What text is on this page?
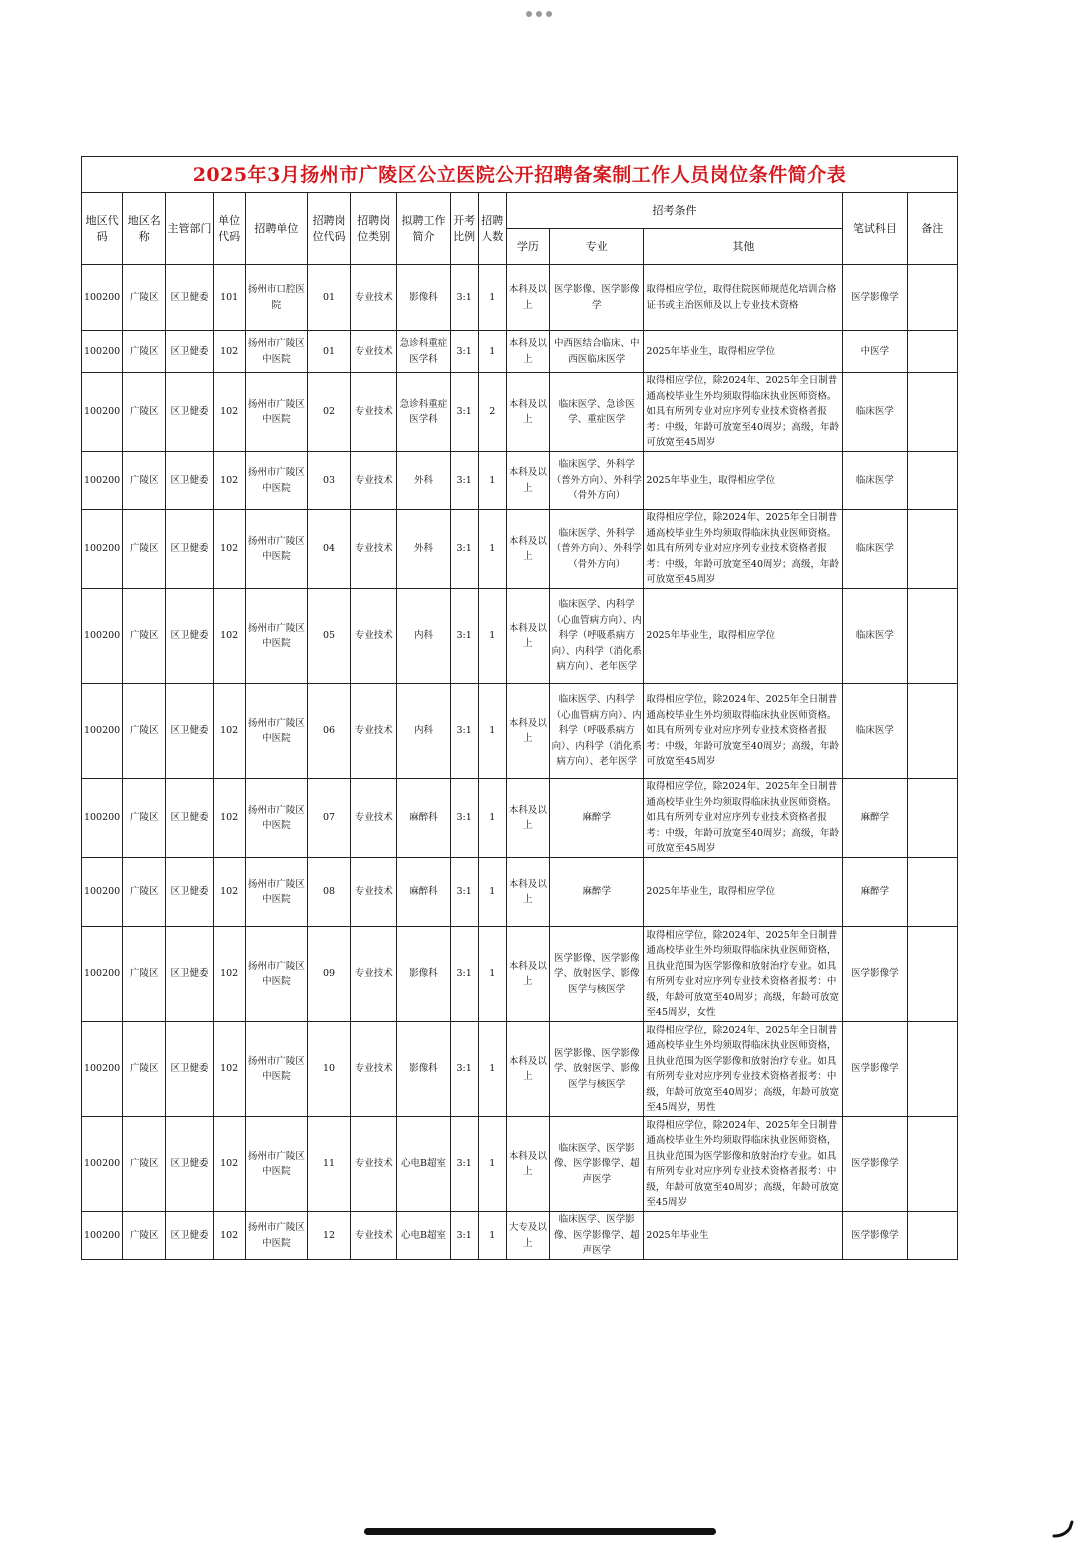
2025年3月扬州市广陵区公立医院公开招聘备案制工作人员岗位条件简介表														
地区代码	地区名称	主管部门	单位代码	招聘单位	招聘岗位代码	招聘岗位类别	拟聘工作简介	开考比例	招聘人数	招考条件			笔试科目	备注
										学历	专业	其他		
100200	广陵区	区卫健委	101	扬州市口腔医院	01	专业技术	影像科	3:1	1	本科及以上	医学影像、医学影像学	取得相应学位，取得住院医师规范化培训合格证书或主治医师及以上专业技术资格	医学影像学	
100200	广陵区	区卫健委	102	扬州市广陵区中医院	01	专业技术	急诊科重症医学科	3:1	1	本科及以上	中西医结合临床、中西医临床医学	2025年毕业生，取得相应学位	中医学	
100200	广陵区	区卫健委	102	扬州市广陵区中医院	02	专业技术	急诊科重症医学科	3:1	2	本科及以上	临床医学、急诊医学、重症医学	取得相应学位，除2024年、2025年全日制普通高校毕业生外均须取得临床执业医师资格。如具有所列专业对应序列专业技术资格者报考：中级，年龄可放宽至40周岁；高级，年龄可放宽至45周岁	临床医学	
100200	广陵区	区卫健委	102	扬州市广陵区中医院	03	专业技术	外科	3:1	1	本科及以上	临床医学、外科学（普外方向）、外科学（骨外方向）	2025年毕业生，取得相应学位	临床医学	
100200	广陵区	区卫健委	102	扬州市广陵区中医院	04	专业技术	外科	3:1	1	本科及以上	临床医学、外科学（普外方向）、外科学（骨外方向）	取得相应学位，除2024年、2025年全日制普通高校毕业生外均须取得临床执业医师资格。如具有所列专业对应序列专业技术资格者报考：中级，年龄可放宽至40周岁；高级，年龄可放宽至45周岁	临床医学	
100200	广陵区	区卫健委	102	扬州市广陵区中医院	05	专业技术	内科	3:1	1	本科及以上	临床医学、内科学（心血管病方向）、内科学（呼吸系病方向）、内科学（消化系病方向）、老年医学	2025年毕业生，取得相应学位	临床医学	
100200	广陵区	区卫健委	102	扬州市广陵区中医院	06	专业技术	内科	3:1	1	本科及以上	临床医学、内科学（心血管病方向）、内科学（呼吸系病方向）、内科学（消化系病方向）、老年医学	取得相应学位，除2024年、2025年全日制普通高校毕业生外均须取得临床执业医师资格。如具有所列专业对应序列专业技术资格者报考：中级，年龄可放宽至40周岁；高级，年龄可放宽至45周岁	临床医学	
100200	广陵区	区卫健委	102	扬州市广陵区中医院	07	专业技术	麻醉科	3:1	1	本科及以上	麻醉学	取得相应学位，除2024年、2025年全日制普通高校毕业生外均须取得临床执业医师资格。如具有所列专业对应序列专业技术资格者报考：中级，年龄可放宽至40周岁；高级，年龄可放宽至45周岁	麻醉学	
100200	广陵区	区卫健委	102	扬州市广陵区中医院	08	专业技术	麻醉科	3:1	1	本科及以上	麻醉学	2025年毕业生，取得相应学位	麻醉学	
100200	广陵区	区卫健委	102	扬州市广陵区中医院	09	专业技术	影像科	3:1	1	本科及以上	医学影像、医学影像学、放射医学、影像医学与核医学	取得相应学位，除2024年、2025年全日制普通高校毕业生外均须取得临床执业医师资格，且执业范围为医学影像和放射治疗专业。如具有所列专业对应序列专业技术资格者报考：中级，年龄可放宽至40周岁；高级，年龄可放宽至45周岁，女性	医学影像学	
100200	广陵区	区卫健委	102	扬州市广陵区中医院	10	专业技术	影像科	3:1	1	本科及以上	医学影像、医学影像学、放射医学、影像医学与核医学	取得相应学位，除2024年、2025年全日制普通高校毕业生外均须取得临床执业医师资格，且执业范围为医学影像和放射治疗专业。如具有所列专业对应序列专业技术资格者报考：中级，年龄可放宽至40周岁；高级，年龄可放宽至45周岁，男性	医学影像学	
100200	广陵区	区卫健委	102	扬州市广陵区中医院	11	专业技术	心电B超室	3:1	1	本科及以上	临床医学、医学影像、医学影像学、超声医学	取得相应学位，除2024年、2025年全日制普通高校毕业生外均须取得临床执业医师资格，且执业范围为医学影像和放射治疗专业。如具有所列专业对应序列专业技术资格者报考：中级，年龄可放宽至40周岁；高级，年龄可放宽至45周岁	医学影像学	
100200	广陵区	区卫健委	102	扬州市广陵区中医院	12	专业技术	心电B超室	3:1	1	大专及以上	临床医学、医学影像、医学影像学、超声医学	2025年毕业生	医学影像学	
